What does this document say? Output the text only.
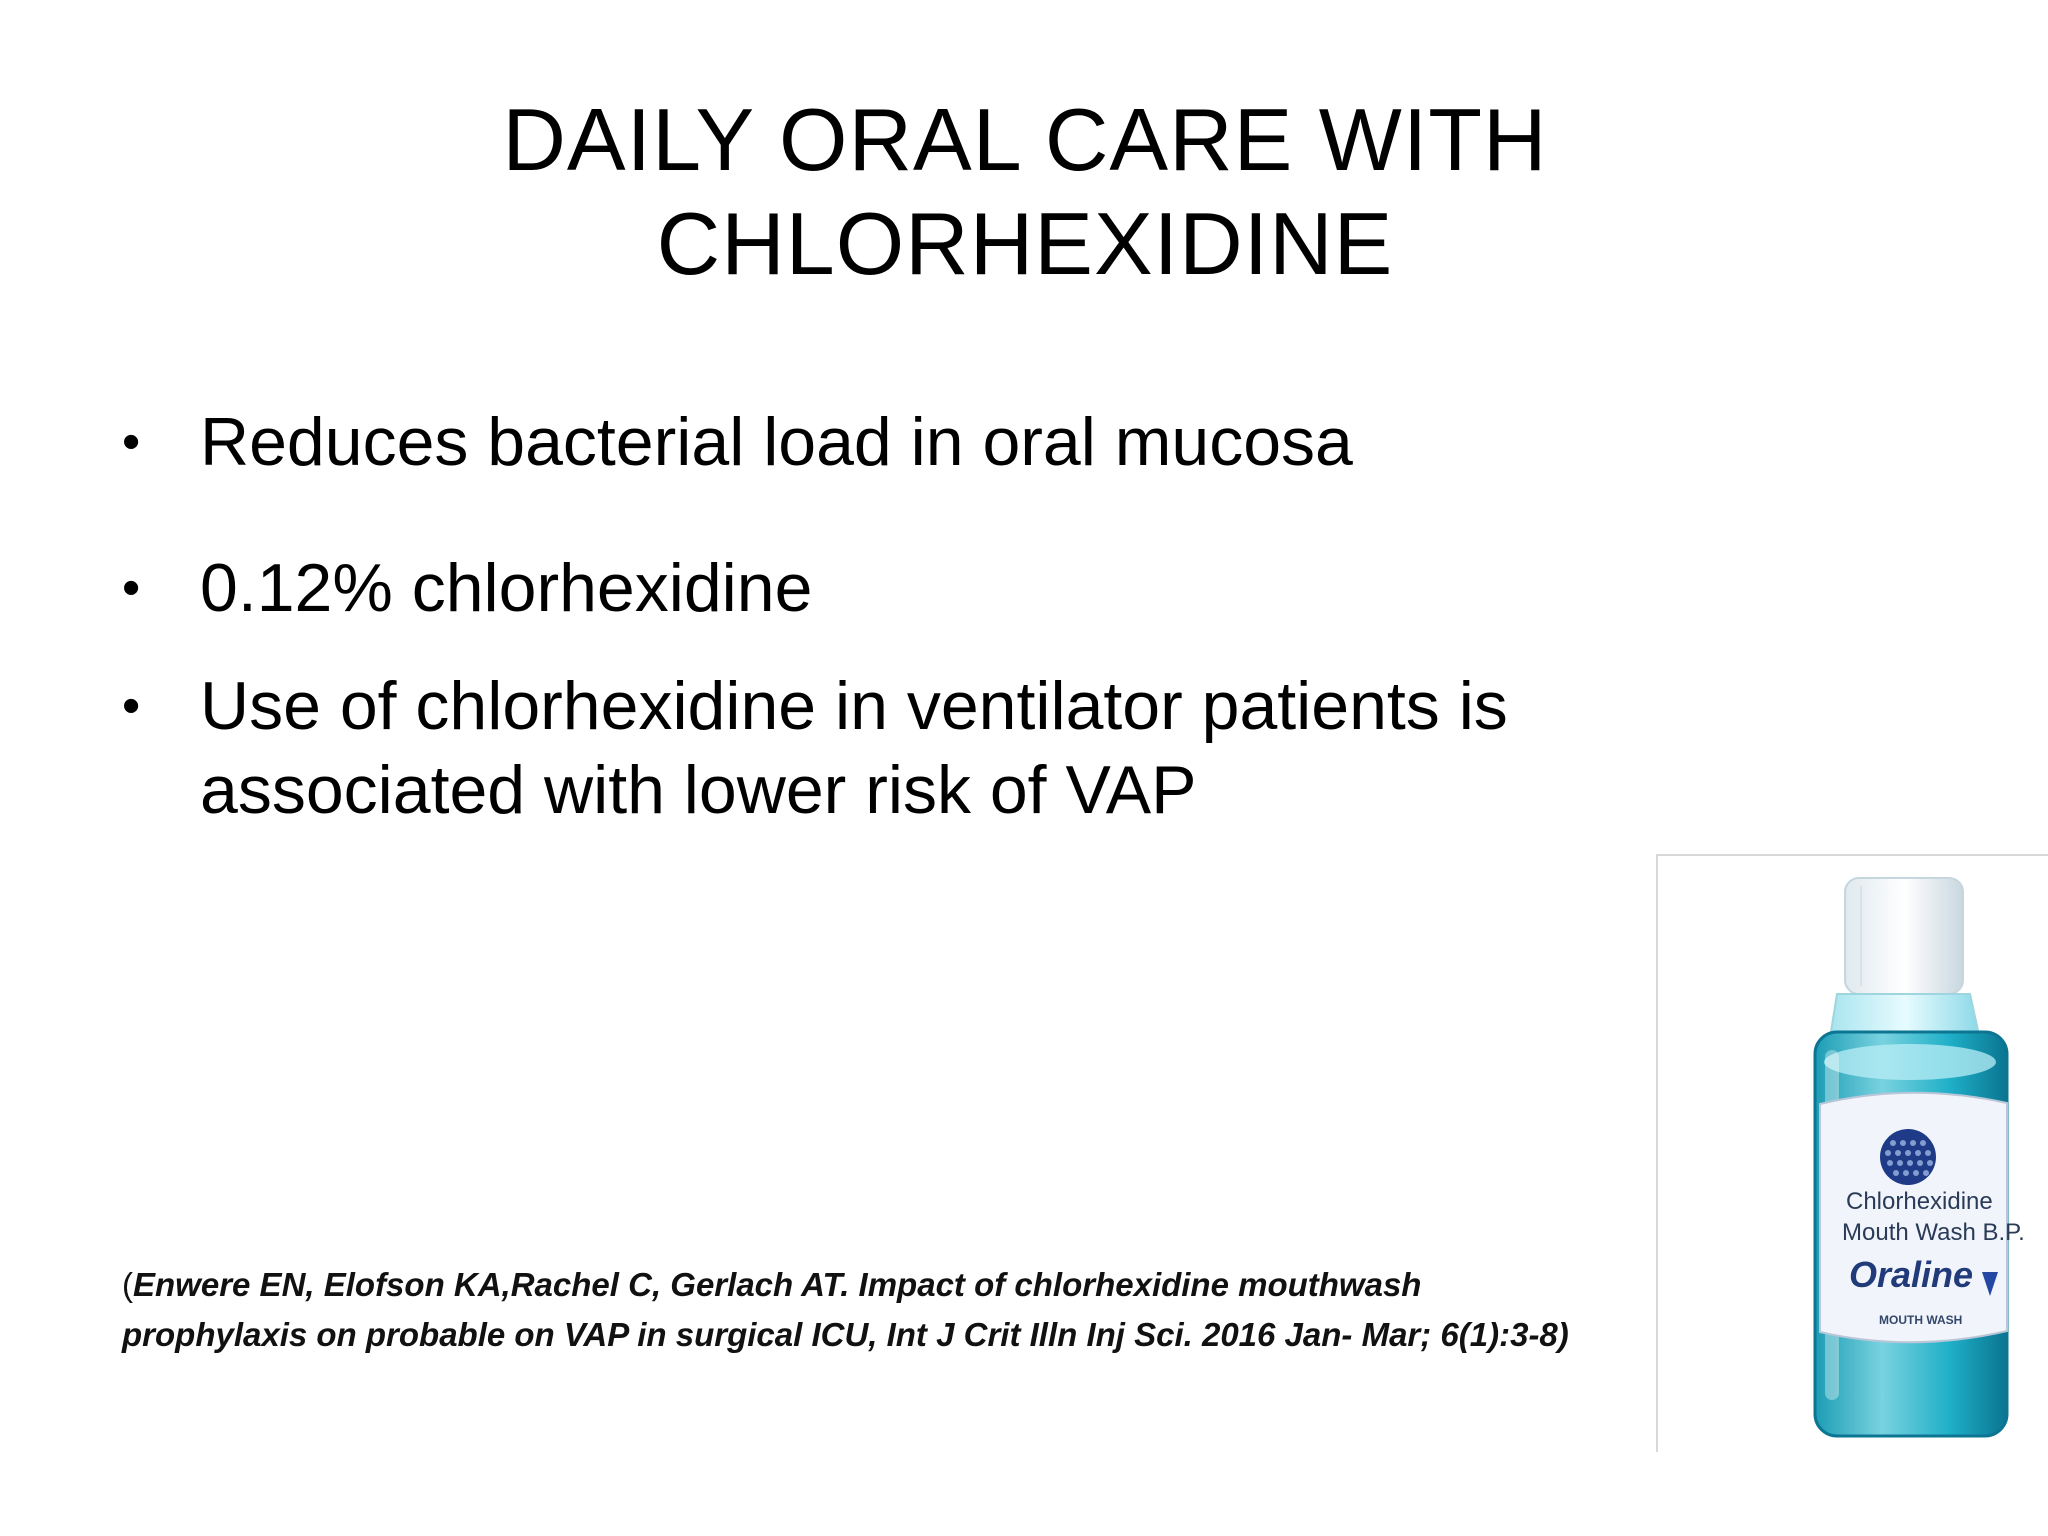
DAILY ORAL CARE WITH
CHLORHEXIDINE
• Reduces bacterial load in oral mucosa
• 0.12% chlorhexidine
• Use of chlorhexidine in ventilator patients is associated with lower risk of VAP
(Enwere EN, Elofson KA,Rachel C, Gerlach AT. Impact of chlorhexidine mouthwash
prophylaxis on probable on VAP in surgical ICU, Int J Crit Illn Inj Sci. 2016 Jan- Mar; 6(1):3-8)
Chlorhexidine
Mouth Wash B.P.
Oraline
MOUTH WASH
